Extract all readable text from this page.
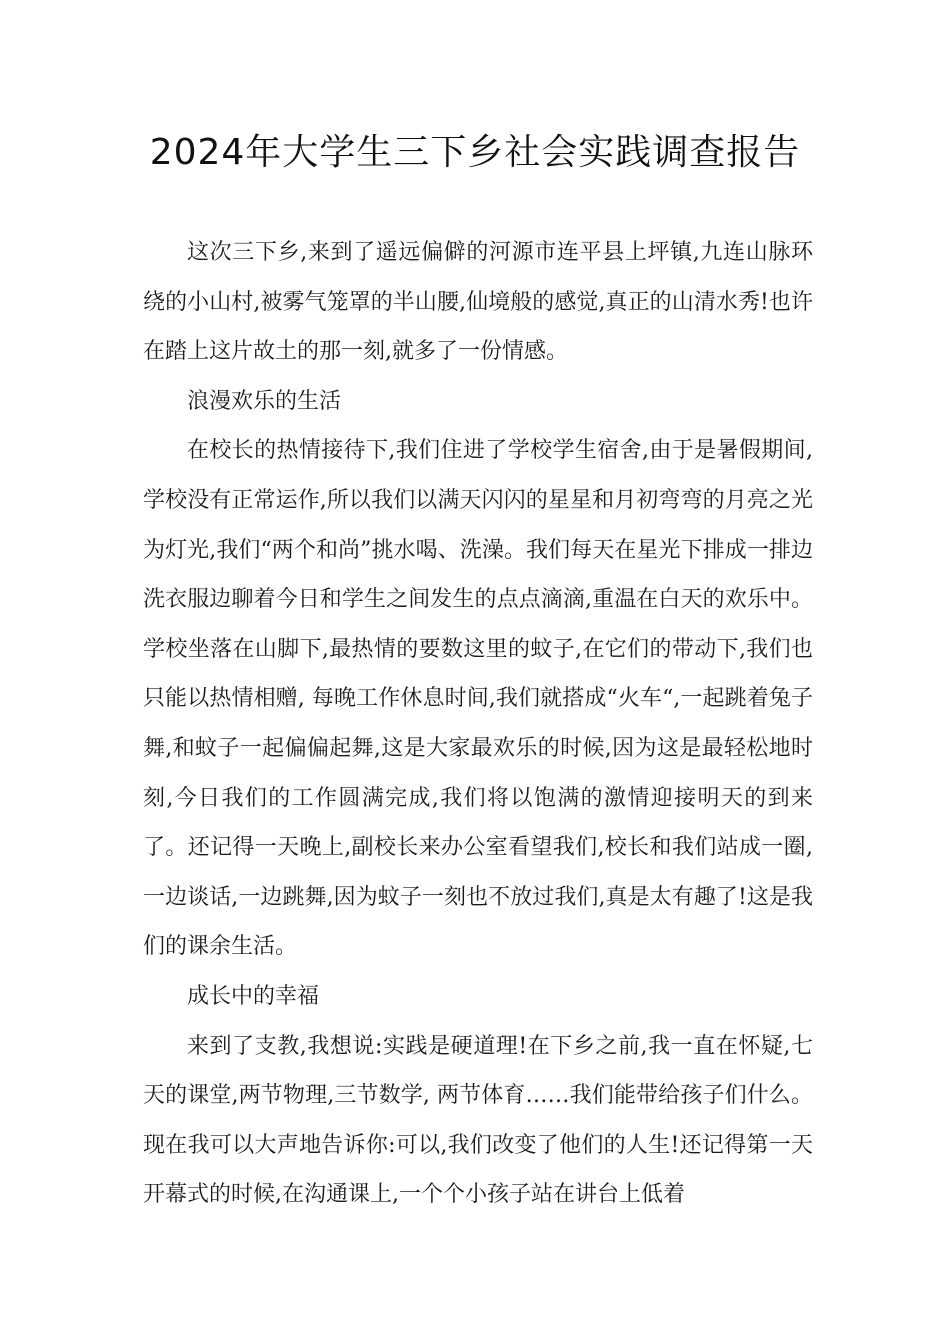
2024年大学生三下乡社会实践调查报告

这次三下乡,来到了遥远偏僻的河源市连平县上坪镇,九连山脉环绕的小山村,被雾气笼罩的半山腰,仙境般的感觉,真正的山清水秀!也许在踏上这片故土的那一刻,就多了一份情感。

浪漫欢乐的生活

在校长的热情接待下,我们住进了学校学生宿舍,由于是暑假期间,学校没有正常运作,所以我们以满天闪闪的星星和月初弯弯的月亮之光为灯光,我们“两个和尚”挑水喝、洗澡。我们每天在星光下排成一排边洗衣服边聊着今日和学生之间发生的点点滴滴,重温在白天的欢乐中。学校坐落在山脚下,最热情的要数这里的蚊子,在它们的带动下,我们也只能以热情相赠, 每晚工作休息时间,我们就搭成“火车“,一起跳着兔子舞,和蚊子一起偏偏起舞,这是大家最欢乐的时候,因为这是最轻松地时刻,今日我们的工作圆满完成,我们将以饱满的激情迎接明天的到来了。还记得一天晚上,副校长来办公室看望我们,校长和我们站成一圈,一边谈话,一边跳舞,因为蚊子一刻也不放过我们,真是太有趣了!这是我们的课余生活。

成长中的幸福

来到了支教,我想说:实践是硬道理!在下乡之前,我一直在怀疑,七天的课堂,两节物理,三节数学, 两节体育……我们能带给孩子们什么。现在我可以大声地告诉你:可以,我们改变了他们的人生!还记得第一天开幕式的时候,在沟通课上,一个个小孩子站在讲台上低着
